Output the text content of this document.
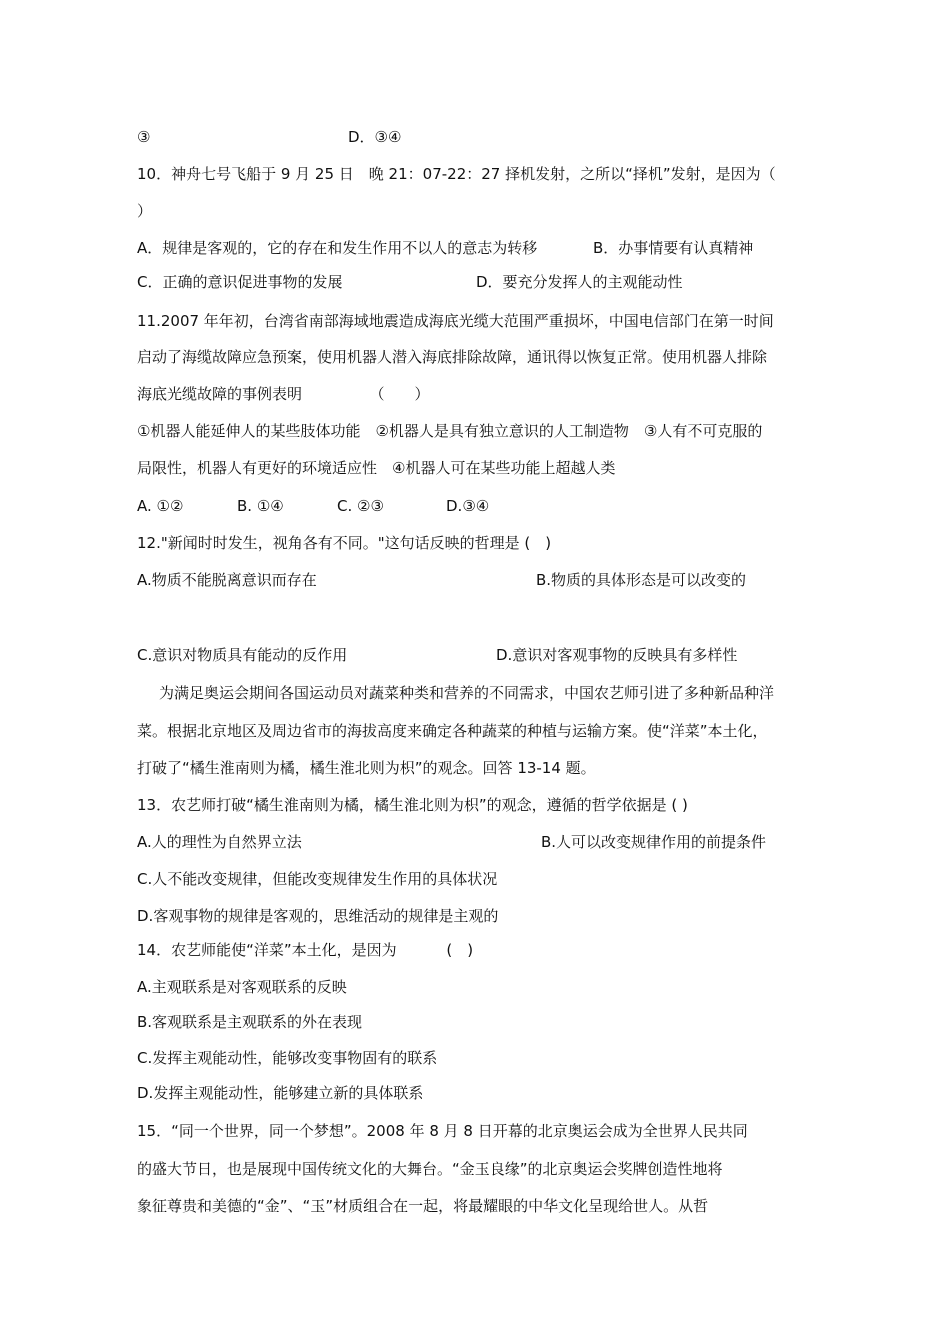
③	D．③④
10．神舟七号飞船于 9 月 25 日　晚 21：07-22：27 择机发射，之所以“择机”发射，是因为（
）
A．规律是客观的，它的存在和发生作用不以人的意志为转移	B．办事情要有认真精神
C．正确的意识促进事物的发展	D．要充分发挥人的主观能动性
11.2007 年年初，台湾省南部海域地震造成海底光缆大范围严重损坏，中国电信部门在第一时间
启动了海缆故障应急预案，使用机器人潜入海底排除故障，通讯得以恢复正常。使用机器人排除
海底光缆故障的事例表明　　　　　（　　）
①机器人能延伸人的某些肢体功能　②机器人是具有独立意识的人工制造物　③人有不可克服的
局限性，机器人有更好的环境适应性　④机器人可在某些功能上超越人类
A. ①②	B. ①④	C. ②③	D.③④
12."新闻时时发生，视角各有不同。"这句话反映的哲理是 (　)
A.物质不能脱离意识而存在	B.物质的具体形态是可以改变的
C.意识对物质具有能动的反作用	D.意识对客观事物的反映具有多样性
为满足奥运会期间各国运动员对蔬菜种类和营养的不同需求，中国农艺师引进了多种新品种洋
菜。根据北京地区及周边省市的海拔高度来确定各种蔬菜的种植与运输方案。使“洋菜”本土化，
打破了“橘生淮南则为橘，橘生淮北则为枳”的观念。回答 13-14 题。
13．农艺师打破“橘生淮南则为橘，橘生淮北则为枳”的观念，遵循的哲学依据是 ( )
A.人的理性为自然界立法	B.人可以改变规律作用的前提条件
C.人不能改变规律，但能改变规律发生作用的具体状况
D.客观事物的规律是客观的，思维活动的规律是主观的
14．农艺师能使“洋菜”本土化，是因为　　　 (　)
A.主观联系是对客观联系的反映
B.客观联系是主观联系的外在表现
C.发挥主观能动性，能够改变事物固有的联系
D.发挥主观能动性，能够建立新的具体联系
15．“同一个世界，同一个梦想”。2008 年 8 月 8 日开幕的北京奥运会成为全世界人民共同
的盛大节日，也是展现中国传统文化的大舞台。“金玉良缘”的北京奥运会奖牌创造性地将
象征尊贵和美德的“金”、“玉”材质组合在一起，将最耀眼的中华文化呈现给世人。从哲
